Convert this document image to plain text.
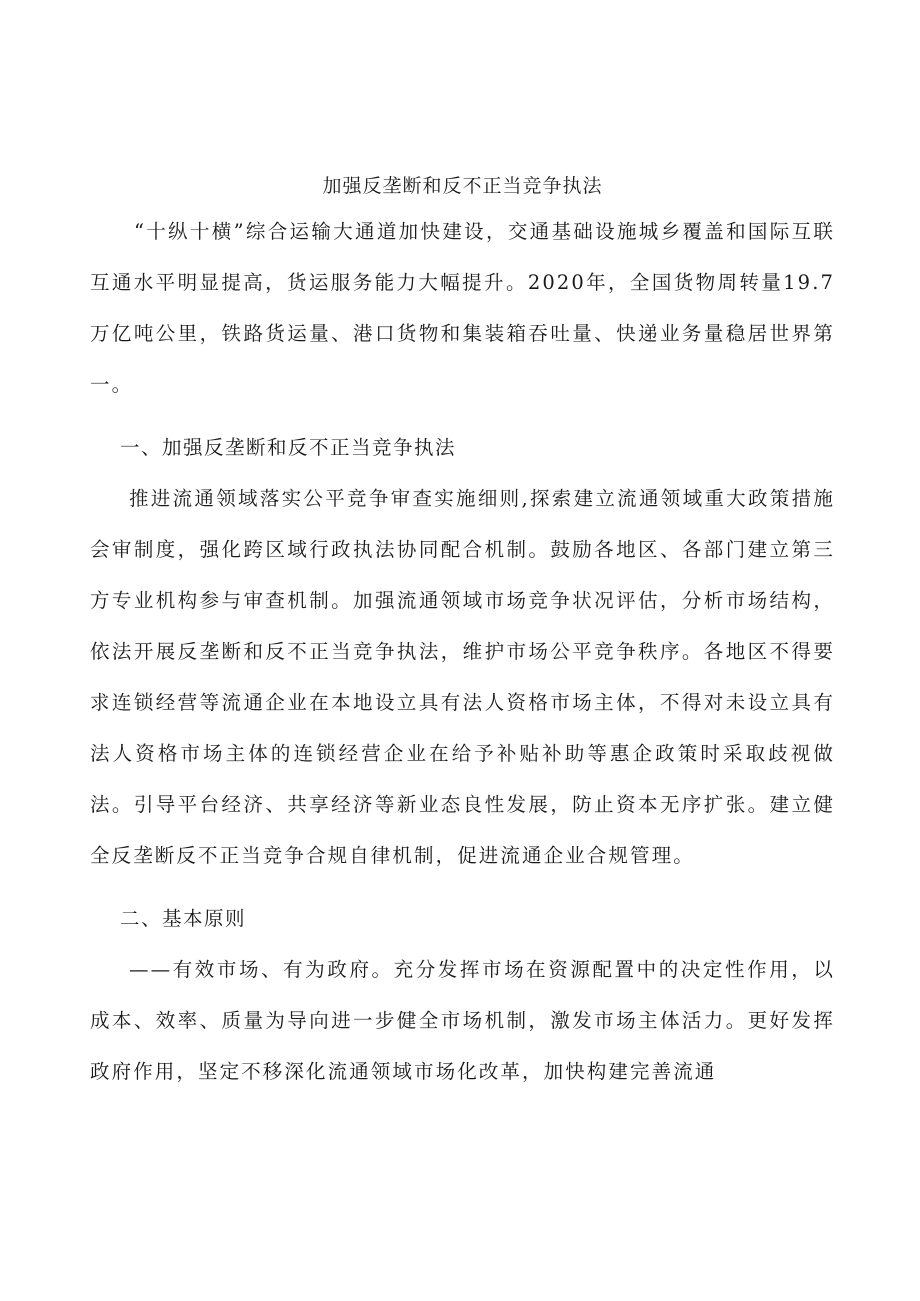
加强反垄断和反不正当竞争执法

“十纵十横”综合运输大通道加快建设，交通基础设施城乡覆盖和国际互联互通水平明显提高，货运服务能力大幅提升。2020年，全国货物周转量19.7万亿吨公里，铁路货运量、港口货物和集装箱吞吐量、快递业务量稳居世界第一。

一、加强反垄断和反不正当竞争执法

推进流通领域落实公平竞争审查实施细则,探索建立流通领域重大政策措施会审制度，强化跨区域行政执法协同配合机制。鼓励各地区、各部门建立第三方专业机构参与审查机制。加强流通领域市场竞争状况评估，分析市场结构，依法开展反垄断和反不正当竞争执法，维护市场公平竞争秩序。各地区不得要求连锁经营等流通企业在本地设立具有法人资格市场主体，不得对未设立具有法人资格市场主体的连锁经营企业在给予补贴补助等惠企政策时采取歧视做法。引导平台经济、共享经济等新业态良性发展，防止资本无序扩张。建立健全反垄断反不正当竞争合规自律机制，促进流通企业合规管理。

二、基本原则

——有效市场、有为政府。充分发挥市场在资源配置中的决定性作用，以成本、效率、质量为导向进一步健全市场机制，激发市场主体活力。更好发挥政府作用，坚定不移深化流通领域市场化改革，加快构建完善流通
